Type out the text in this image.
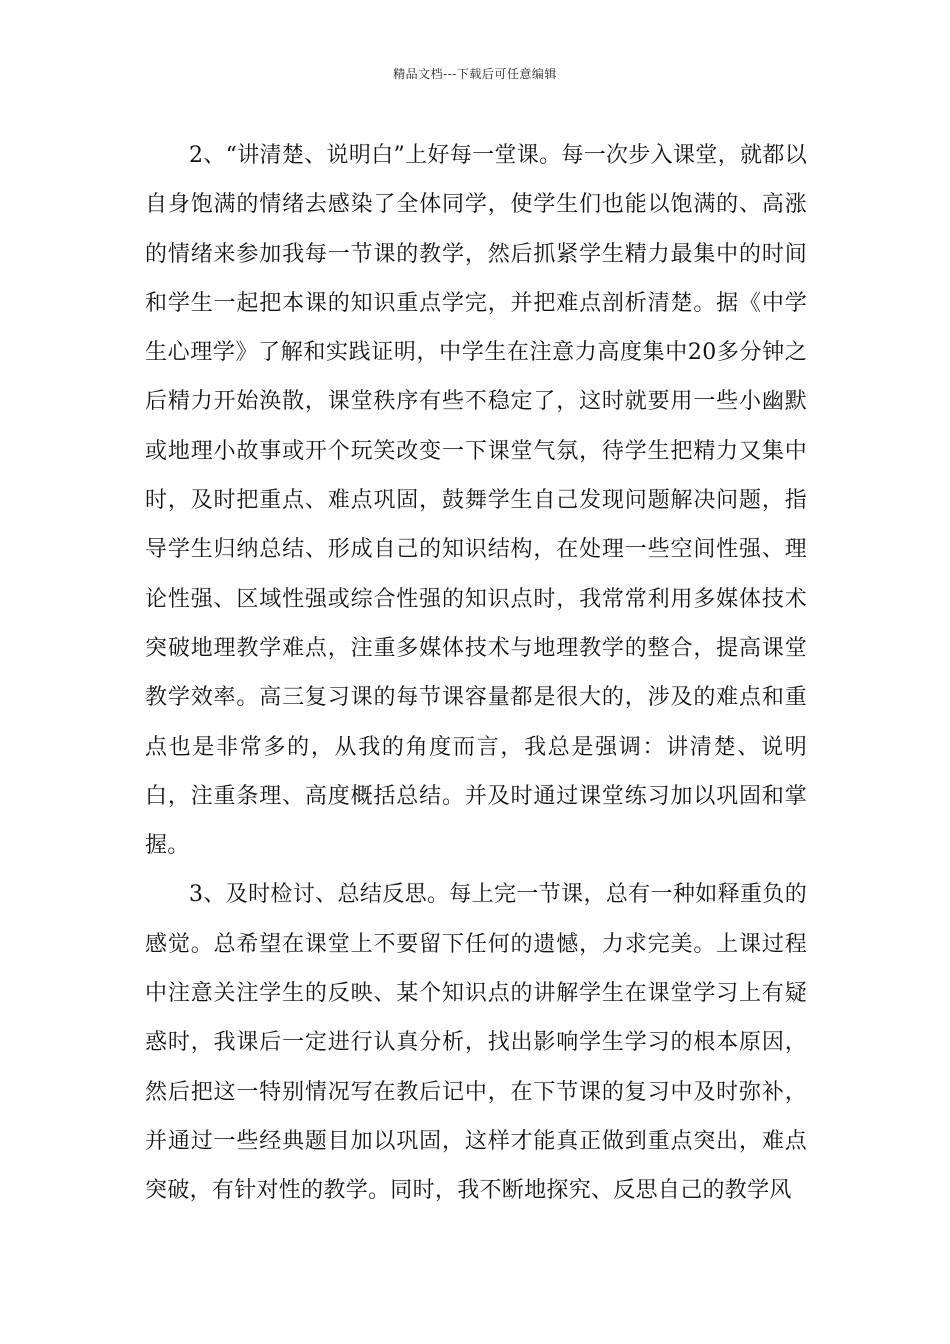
精品文档---下载后可任意编辑

2、“讲清楚、说明白”上好每一堂课。每一次步入课堂，就都以自身饱满的情绪去感染了全体同学，使学生们也能以饱满的、高涨的情绪来参加我每一节课的教学，然后抓紧学生精力最集中的时间和学生一起把本课的知识重点学完，并把难点剖析清楚。据《中学生心理学》了解和实践证明，中学生在注意力高度集中20多分钟之后精力开始涣散，课堂秩序有些不稳定了，这时就要用一些小幽默或地理小故事或开个玩笑改变一下课堂气氛，待学生把精力又集中时，及时把重点、难点巩固，鼓舞学生自己发现问题解决问题，指导学生归纳总结、形成自己的知识结构，在处理一些空间性强、理论性强、区域性强或综合性强的知识点时，我常常利用多媒体技术突破地理教学难点，注重多媒体技术与地理教学的整合，提高课堂教学效率。高三复习课的每节课容量都是很大的，涉及的难点和重点也是非常多的，从我的角度而言，我总是强调：讲清楚、说明白，注重条理、高度概括总结。并及时通过课堂练习加以巩固和掌握。

3、及时检讨、总结反思。每上完一节课，总有一种如释重负的感觉。总希望在课堂上不要留下任何的遗憾，力求完美。上课过程中注意关注学生的反映、某个知识点的讲解学生在课堂学习上有疑惑时，我课后一定进行认真分析，找出影响学生学习的根本原因，然后把这一特别情况写在教后记中，在下节课的复习中及时弥补，并通过一些经典题目加以巩固，这样才能真正做到重点突出，难点突破，有针对性的教学。同时，我不断地探究、反思自己的教学风
